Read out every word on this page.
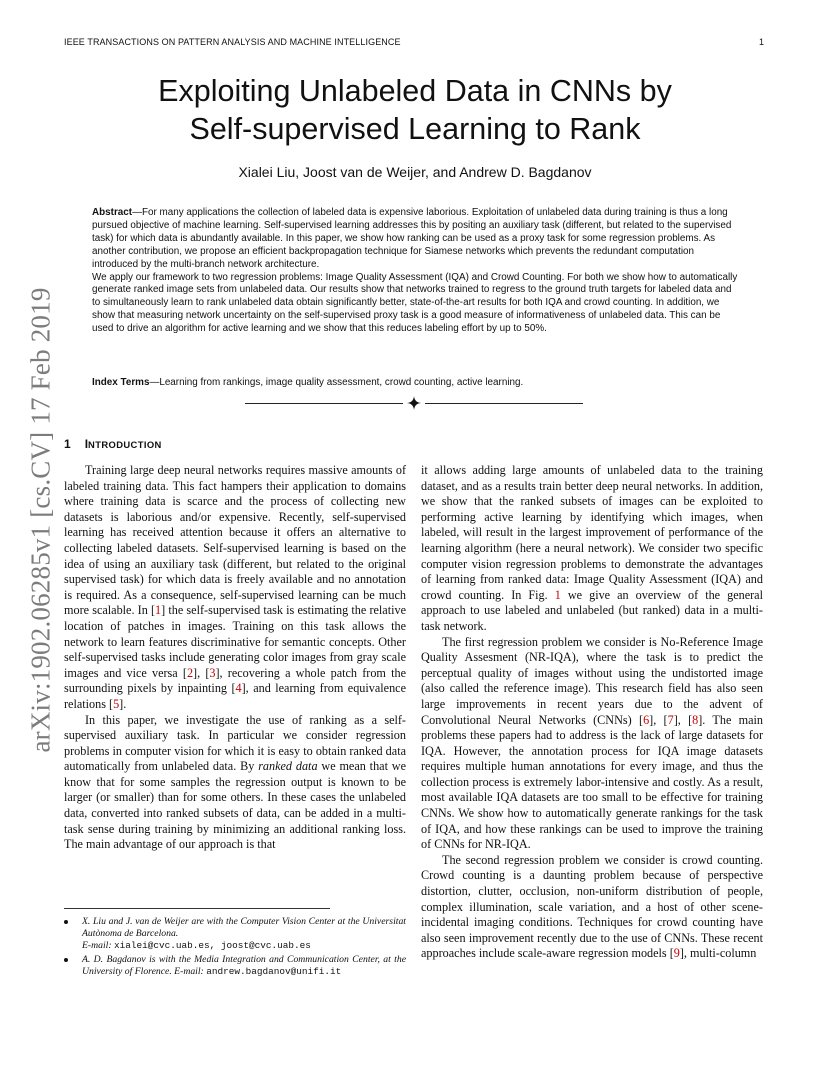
IEEE TRANSACTIONS ON PATTERN ANALYSIS AND MACHINE INTELLIGENCE	1
arXiv:1902.06285v1 [cs.CV] 17 Feb 2019
Exploiting Unlabeled Data in CNNs by
Self-supervised Learning to Rank
Xialei Liu, Joost van de Weijer, and Andrew D. Bagdanov

Abstract—For many applications the collection of labeled data is expensive laborious. Exploitation of unlabeled data during training is thus a long pursued objective of machine learning. Self-supervised learning addresses this by positing an auxiliary task (different, but related to the supervised task) for which data is abundantly available. In this paper, we show how ranking can be used as a proxy task for some regression problems. As another contribution, we propose an efficient backpropagation technique for Siamese networks which prevents the redundant computation introduced by the multi-branch network architecture.

We apply our framework to two regression problems: Image Quality Assessment (IQA) and Crowd Counting. For both we show how to automatically generate ranked image sets from unlabeled data. Our results show that networks trained to regress to the ground truth targets for labeled data and to simultaneously learn to rank unlabeled data obtain significantly better, state-of-the-art results for both IQA and crowd counting. In addition, we show that measuring network uncertainty on the self-supervised proxy task is a good measure of informativeness of unlabeled data. This can be used to drive an algorithm for active learning and we show that this reduces labeling effort by up to 50%.

Index Terms—Learning from rankings, image quality assessment, crowd counting, active learning.
1 INTRODUCTION

Training large deep neural networks requires massive amounts of labeled training data. This fact hampers their application to domains where training data is scarce and the process of collecting new datasets is laborious and/or expensive. Recently, self-supervised learning has received attention because it offers an alternative to collecting labeled datasets. Self-supervised learning is based on the idea of using an auxiliary task (different, but related to the original supervised task) for which data is freely available and no annotation is required. As a consequence, self-supervised learning can be much more scalable. In [1] the self-supervised task is estimating the relative location of patches in images. Training on this task allows the network to learn features discriminative for semantic concepts. Other self-supervised tasks include generating color images from gray scale images and vice versa [2], [3], recovering a whole patch from the surrounding pixels by inpainting [4], and learning from equivalence relations [5].

In this paper, we investigate the use of ranking as a self-supervised auxiliary task. In particular we consider regression problems in computer vision for which it is easy to obtain ranked data automatically from unlabeled data. By ranked data we mean that we know that for some samples the regression output is known to be larger (or smaller) than for some others. In these cases the unlabeled data, converted into ranked subsets of data, can be added in a multi-task sense during training by minimizing an additional ranking loss. The main advantage of our approach is that

it allows adding large amounts of unlabeled data to the training dataset, and as a results train better deep neural networks. In addition, we show that the ranked subsets of images can be exploited to performing active learning by identifying which images, when labeled, will result in the largest improvement of performance of the learning algorithm (here a neural network). We consider two specific computer vision regression problems to demonstrate the advantages of learning from ranked data: Image Quality Assessment (IQA) and crowd counting. In Fig. 1 we give an overview of the general approach to use labeled and unlabeled (but ranked) data in a multi-task network.

The first regression problem we consider is No-Reference Image Quality Assesment (NR-IQA), where the task is to predict the perceptual quality of images without using the undistorted image (also called the reference image). This research field has also seen large improvements in recent years due to the advent of Convolutional Neural Networks (CNNs) [6], [7], [8]. The main problems these papers had to address is the lack of large datasets for IQA. However, the annotation process for IQA image datasets requires multiple human annotations for every image, and thus the collection process is extremely labor-intensive and costly. As a result, most available IQA datasets are too small to be effective for training CNNs. We show how to automatically generate rankings for the task of IQA, and how these rankings can be used to improve the training of CNNs for NR-IQA.

The second regression problem we consider is crowd counting. Crowd counting is a daunting problem because of perspective distortion, clutter, occlusion, non-uniform distribution of people, complex illumination, scale variation, and a host of other scene-incidental imaging conditions. Techniques for crowd counting have also seen improvement recently due to the use of CNNs. These recent approaches include scale-aware regression models [9], multi-column

X. Liu and J. van de Weijer are with the Computer Vision Center at the Universitat Autònoma de Barcelona.
E-mail: xialei@cvc.uab.es, joost@cvc.uab.es
A. D. Bagdanov is with the Media Integration and Communication Center, at the University of Florence. E-mail: andrew.bagdanov@unifi.it
